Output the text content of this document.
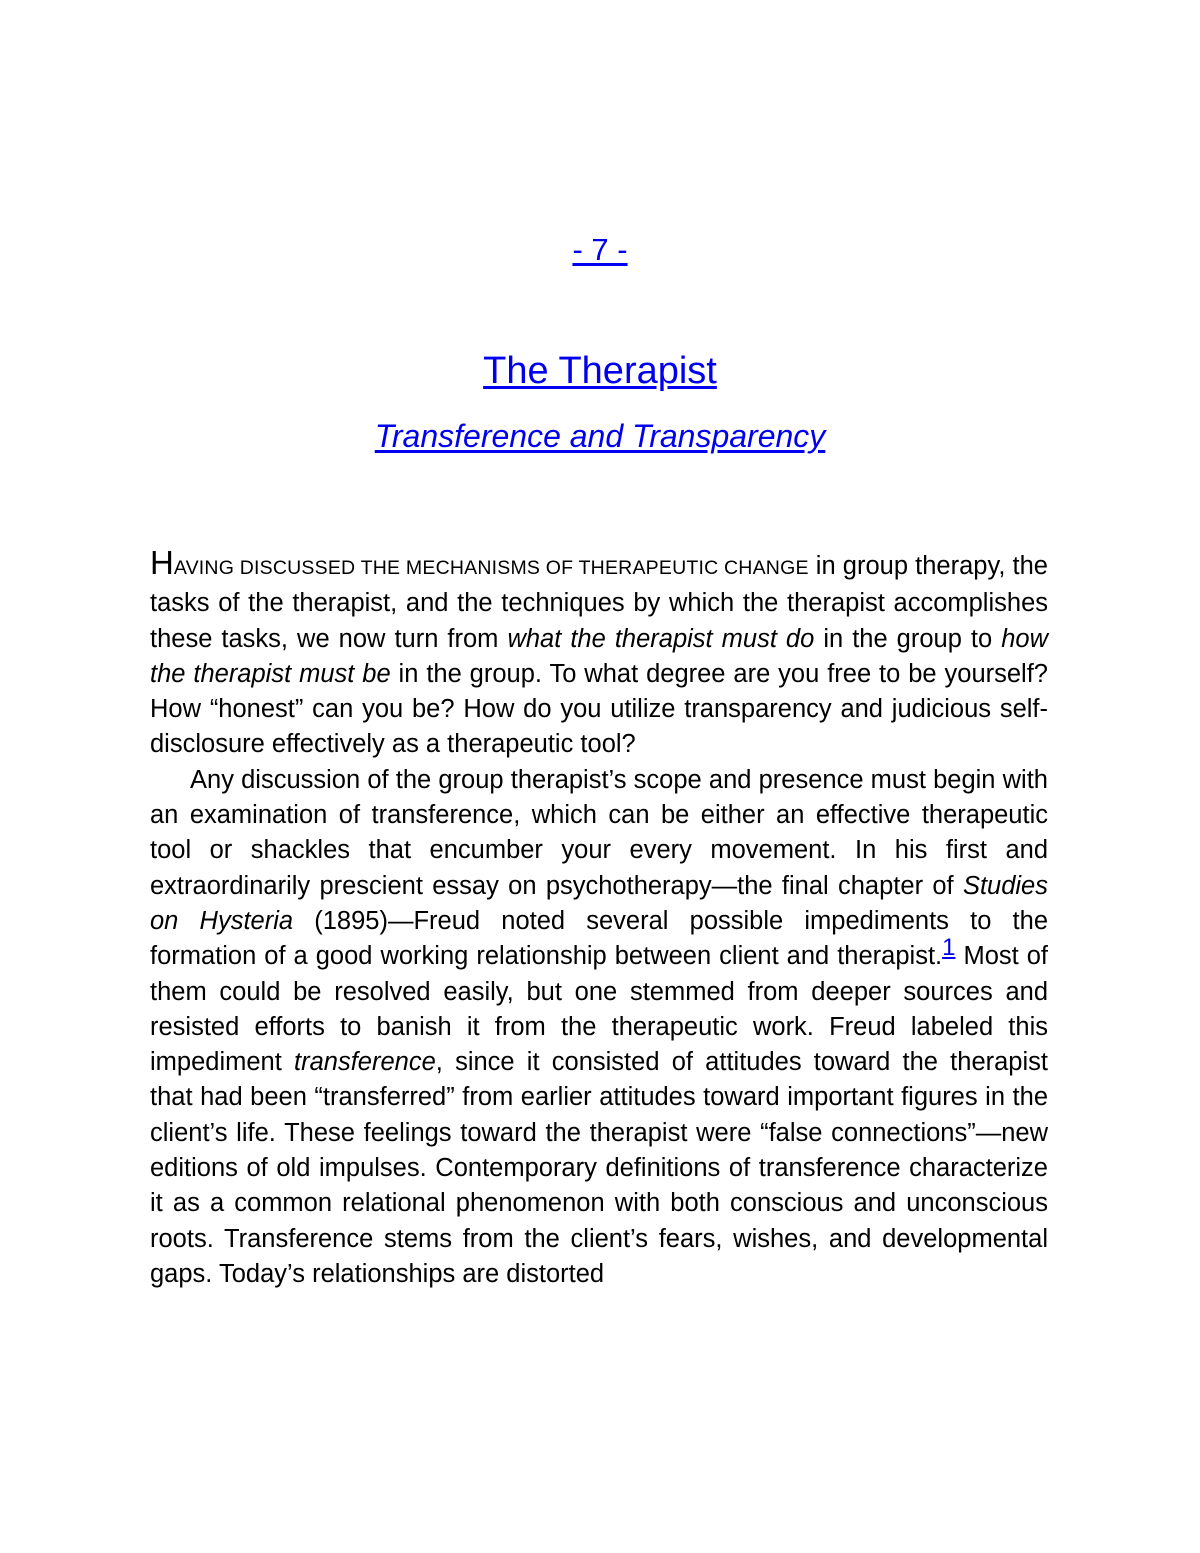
- 7 -
The Therapist
Transference and Transparency

HAVING DISCUSSED THE MECHANISMS OF THERAPEUTIC CHANGE in group therapy, the tasks of the therapist, and the techniques by which the therapist accomplishes these tasks, we now turn from what the therapist must do in the group to how the therapist must be in the group. To what degree are you free to be yourself? How “honest” can you be? How do you utilize transparency and judicious self-disclosure effectively as a therapeutic tool?

Any discussion of the group therapist’s scope and presence must begin with an examination of transference, which can be either an effective therapeutic tool or shackles that encumber your every movement. In his first and extraordinarily prescient essay on psychotherapy—the final chapter of Studies on Hysteria (1895)—Freud noted several possible impediments to the formation of a good working relationship between client and therapist.1 Most of them could be resolved easily, but one stemmed from deeper sources and resisted efforts to banish it from the therapeutic work. Freud labeled this impediment transference, since it consisted of attitudes toward the therapist that had been “transferred” from earlier attitudes toward important figures in the client’s life. These feelings toward the therapist were “false connections”—new editions of old impulses. Contemporary definitions of transference characterize it as a common relational phenomenon with both conscious and unconscious roots. Transference stems from the client’s fears, wishes, and developmental gaps. Today’s relationships are distorted
